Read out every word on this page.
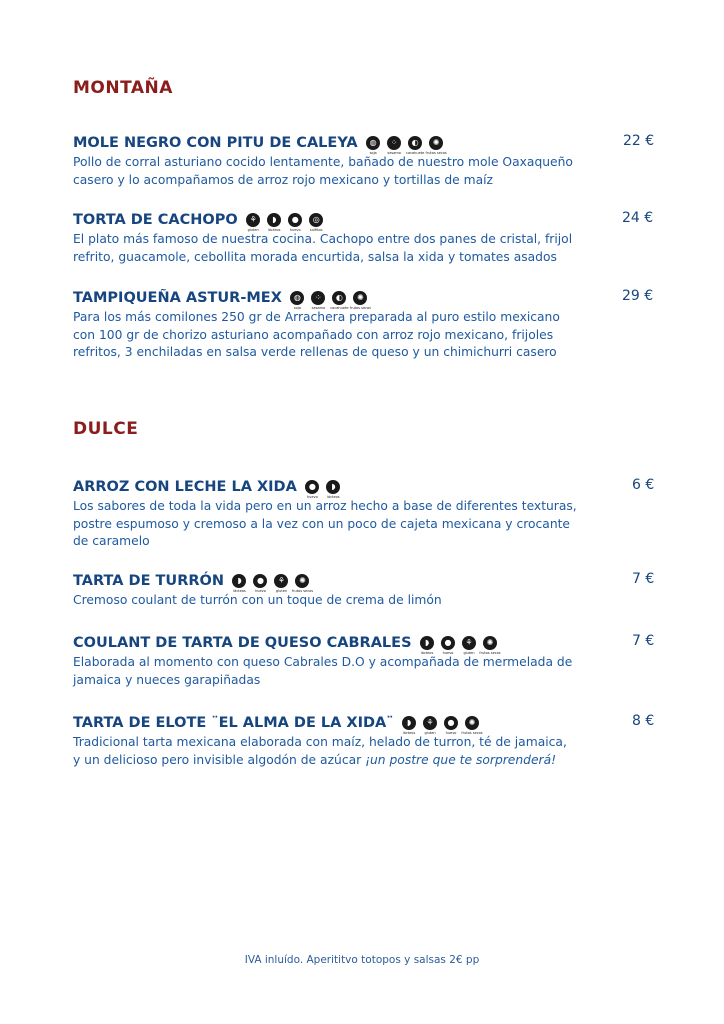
MONTAÑA
MOLE NEGRO CON PITU DE CALEYA	◍
soja
⁘
sesamo
◐
cacahuete
✺
frutos secos
22 €
Pollo de corral asturiano cocido lentamente, bañado de nuestro mole Oaxaqueño casero y lo acompañamos de arroz rojo mexicano y tortillas de maíz
TORTA DE CACHOPO	⚘
gluten
◗
lácteos
●
huevo
◎
sulfitos
24 €
El plato más famoso de nuestra cocina. Cachopo entre dos panes de cristal, frijol refrito, guacamole, cebollita morada encurtida, salsa la xida y tomates asados
TAMPIQUEÑA ASTUR-MEX	◍
soja
⁘
sesamo
◐
cacahuete
✺
frutos secos
29 €
Para los más comilones 250 gr de Arrachera preparada al puro estilo mexicano con 100 gr de chorizo asturiano acompañado con arroz rojo mexicano, frijoles refritos, 3 enchiladas en salsa verde rellenas de queso y un chimichurri casero
DULCE
ARROZ CON LECHE LA XIDA	●
huevo
◗
lácteos
6 €
Los sabores de toda la vida pero en un arroz hecho a base de diferentes texturas, postre espumoso y cremoso a la vez con un poco de cajeta mexicana y crocante de caramelo
TARTA DE TURRÓN	◗
lácteos
●
huevo
⚘
gluten
✺
frutos secos
7 €
Cremoso coulant de turrón con un toque de crema de limón
COULANT DE TARTA DE QUESO CABRALES	◗
lácteos
●
huevo
⚘
gluten
✺
frutos secos
7 €
Elaborada al momento con queso Cabrales D.O y acompañada de mermelada de jamaica y nueces garapiñadas
TARTA DE ELOTE ¨EL ALMA DE LA XIDA¨	◗
lácteos
⚘
gluten
●
huevo
✺
frutos secos
8 €
Tradicional tarta mexicana elaborada con maíz, helado de turron, té de jamaica, y un delicioso pero invisible algodón de azúcar ¡un postre que te sorprenderá!
IVA inluído. Aperititvo totopos y salsas 2€ pp
